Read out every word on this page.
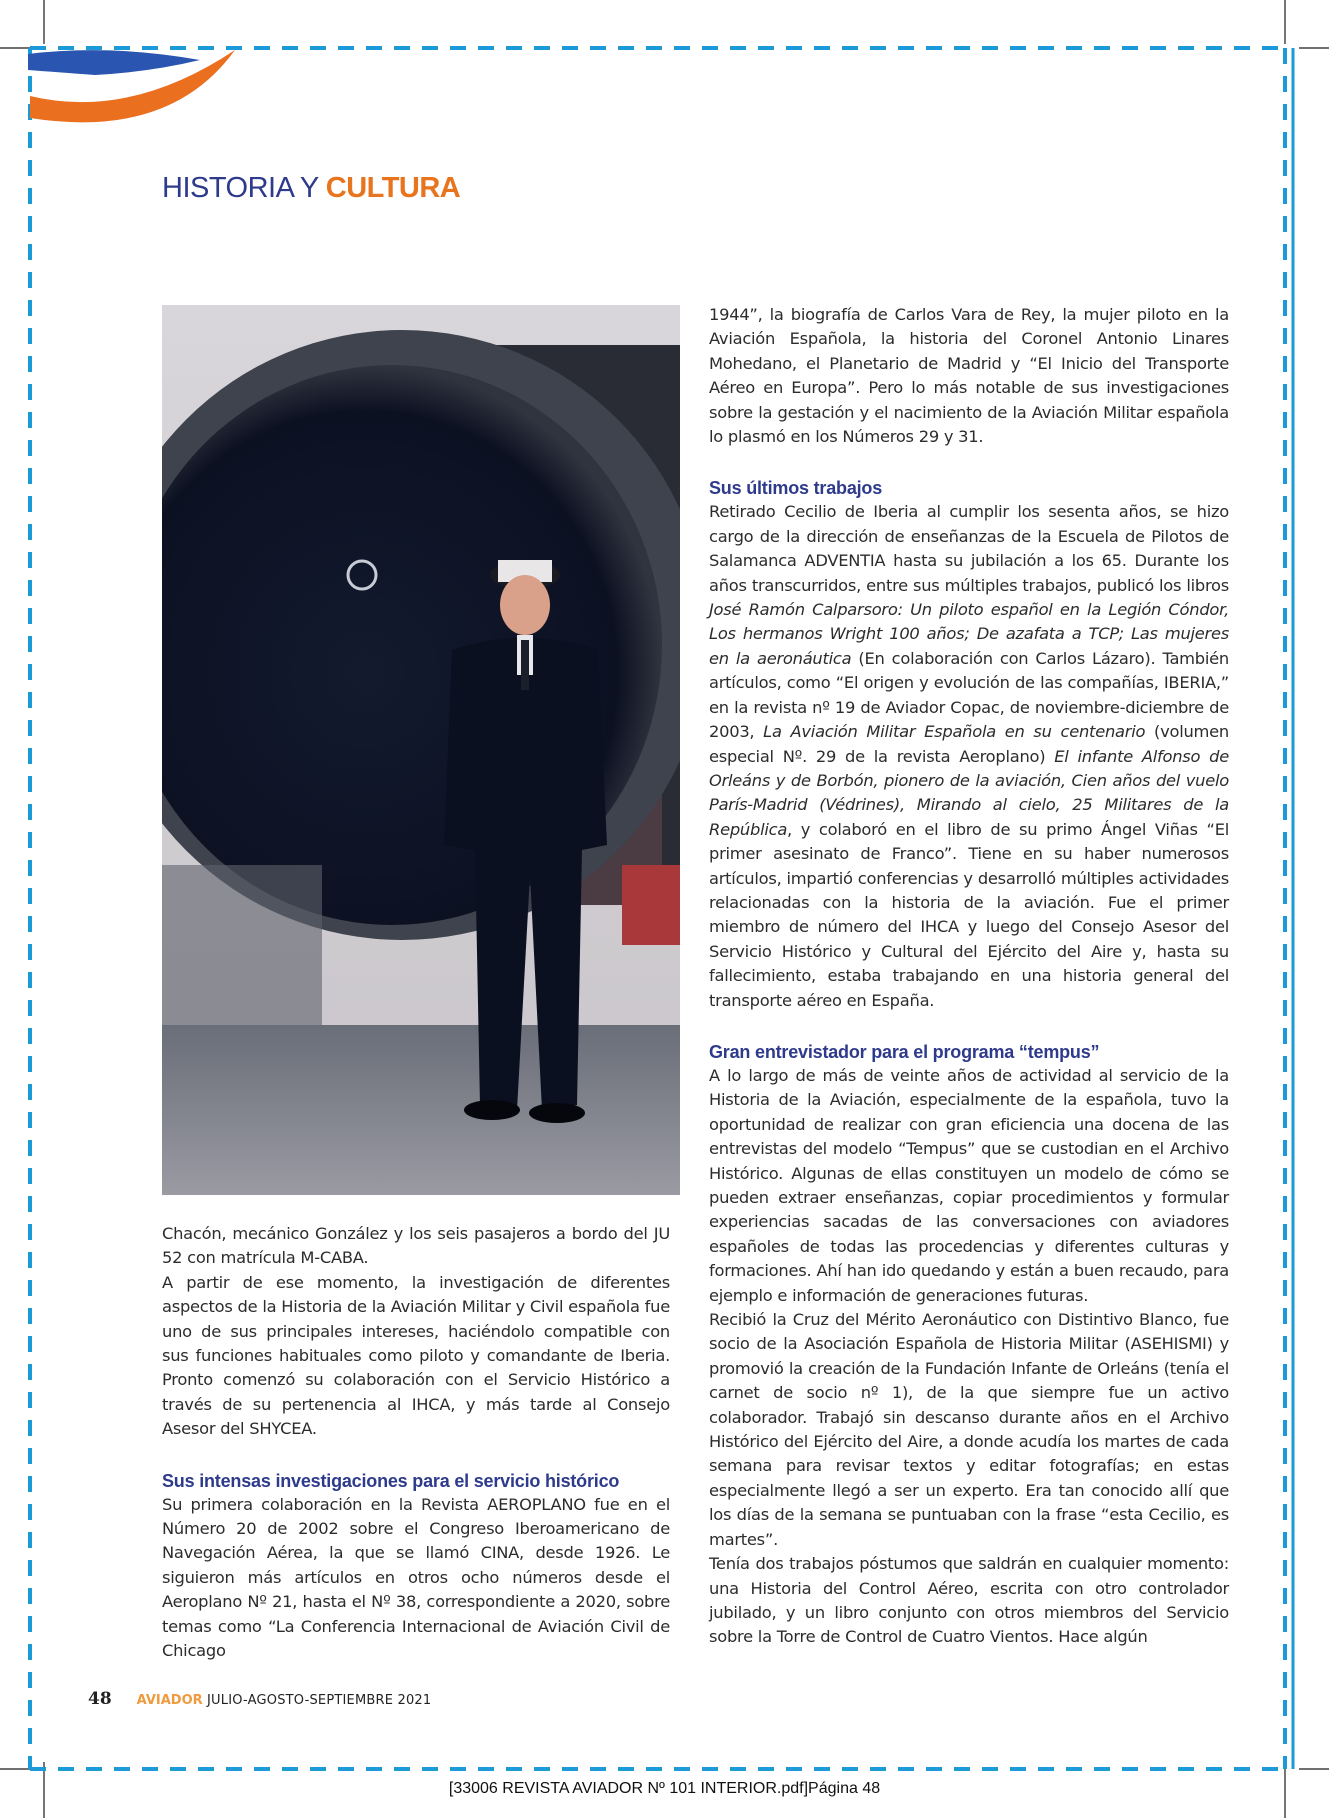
HISTORIA Y CULTURA

Chacón, mecánico González y los seis pasajeros a bordo del JU 52 con matrícula M-CABA.

A partir de ese momento, la investigación de diferentes aspectos de la Historia de la Aviación Militar y Civil española fue uno de sus principales intereses, haciéndolo compatible con sus funciones habituales como piloto y comandante de Iberia. Pronto comenzó su colaboración con el Servicio Histórico a través de su pertenencia al IHCA, y más tarde al Consejo Asesor del SHYCEA.

Sus intensas investigaciones para el servicio histórico

Su primera colaboración en la Revista AEROPLANO fue en el Número 20 de 2002 sobre el Congreso Iberoamericano de Navegación Aérea, la que se llamó CINA, desde 1926. Le siguieron más artículos en otros ocho números desde el Aeroplano Nº 21, hasta el Nº 38, correspondiente a 2020, sobre temas como “La Conferencia Internacional de Aviación Civil de Chicago

1944”, la biografía de Carlos Vara de Rey, la mujer piloto en la Aviación Española, la historia del Coronel Antonio Linares Mohedano, el Planetario de Madrid y “El Inicio del Transporte Aéreo en Europa”. Pero lo más notable de sus investigaciones sobre la gestación y el nacimiento de la Aviación Militar española lo plasmó en los Números 29 y 31.

Sus últimos trabajos

Retirado Cecilio de Iberia al cumplir los sesenta años, se hizo cargo de la dirección de enseñanzas de la Escuela de Pilotos de Salamanca ADVENTIA hasta su jubilación a los 65. Durante los años transcurridos, entre sus múltiples trabajos, publicó los libros José Ramón Calparsoro: Un piloto español en la Legión Cóndor, Los hermanos Wright 100 años; De azafata a TCP; Las mujeres en la aeronáutica (En colaboración con Carlos Lázaro). También artículos, como “El origen y evolución de las compañías, IBERIA,” en la revista nº 19 de Aviador Copac, de noviembre-diciembre de 2003, La Aviación Militar Española en su centenario (volumen especial Nº. 29 de la revista Aeroplano) El infante Alfonso de Orleáns y de Borbón, pionero de la aviación, Cien años del vuelo París-Madrid (Védrines), Mirando al cielo, 25 Militares de la República, y colaboró en el libro de su primo Ángel Viñas “El primer asesinato de Franco”. Tiene en su haber numerosos artículos, impartió conferencias y desarrolló múltiples actividades relacionadas con la historia de la aviación. Fue el primer miembro de número del IHCA y luego del Consejo Asesor del Servicio Histórico y Cultural del Ejército del Aire y, hasta su fallecimiento, estaba trabajando en una historia general del transporte aéreo en España.

Gran entrevistador para el programa “tempus”

A lo largo de más de veinte años de actividad al servicio de la Historia de la Aviación, especialmente de la española, tuvo la oportunidad de realizar con gran eficiencia una docena de las entrevistas del modelo “Tempus” que se custodian en el Archivo Histórico. Algunas de ellas constituyen un modelo de cómo se pueden extraer enseñanzas, copiar procedimientos y formular experiencias sacadas de las conversaciones con aviadores españoles de todas las procedencias y diferentes culturas y formaciones. Ahí han ido quedando y están a buen recaudo, para ejemplo e información de generaciones futuras.

Recibió la Cruz del Mérito Aeronáutico con Distintivo Blanco, fue socio de la Asociación Española de Historia Militar (ASEHISMI) y promovió la creación de la Fundación Infante de Orleáns (tenía el carnet de socio nº 1), de la que siempre fue un activo colaborador. Trabajó sin descanso durante años en el Archivo Histórico del Ejército del Aire, a donde acudía los martes de cada semana para revisar textos y editar fotografías; en estas especialmente llegó a ser un experto. Era tan conocido allí que los días de la semana se puntuaban con la frase “esta Cecilio, es martes”.

Tenía dos trabajos póstumos que saldrán en cualquier momento: una Historia del Control Aéreo, escrita con otro controlador jubilado, y un libro conjunto con otros miembros del Servicio sobre la Torre de Control de Cuatro Vientos. Hace algún

48 AVIADOR JULIO-AGOSTO-SEPTIEMBRE 2021
[33006 REVISTA AVIADOR Nº 101 INTERIOR.pdf]Página 48
